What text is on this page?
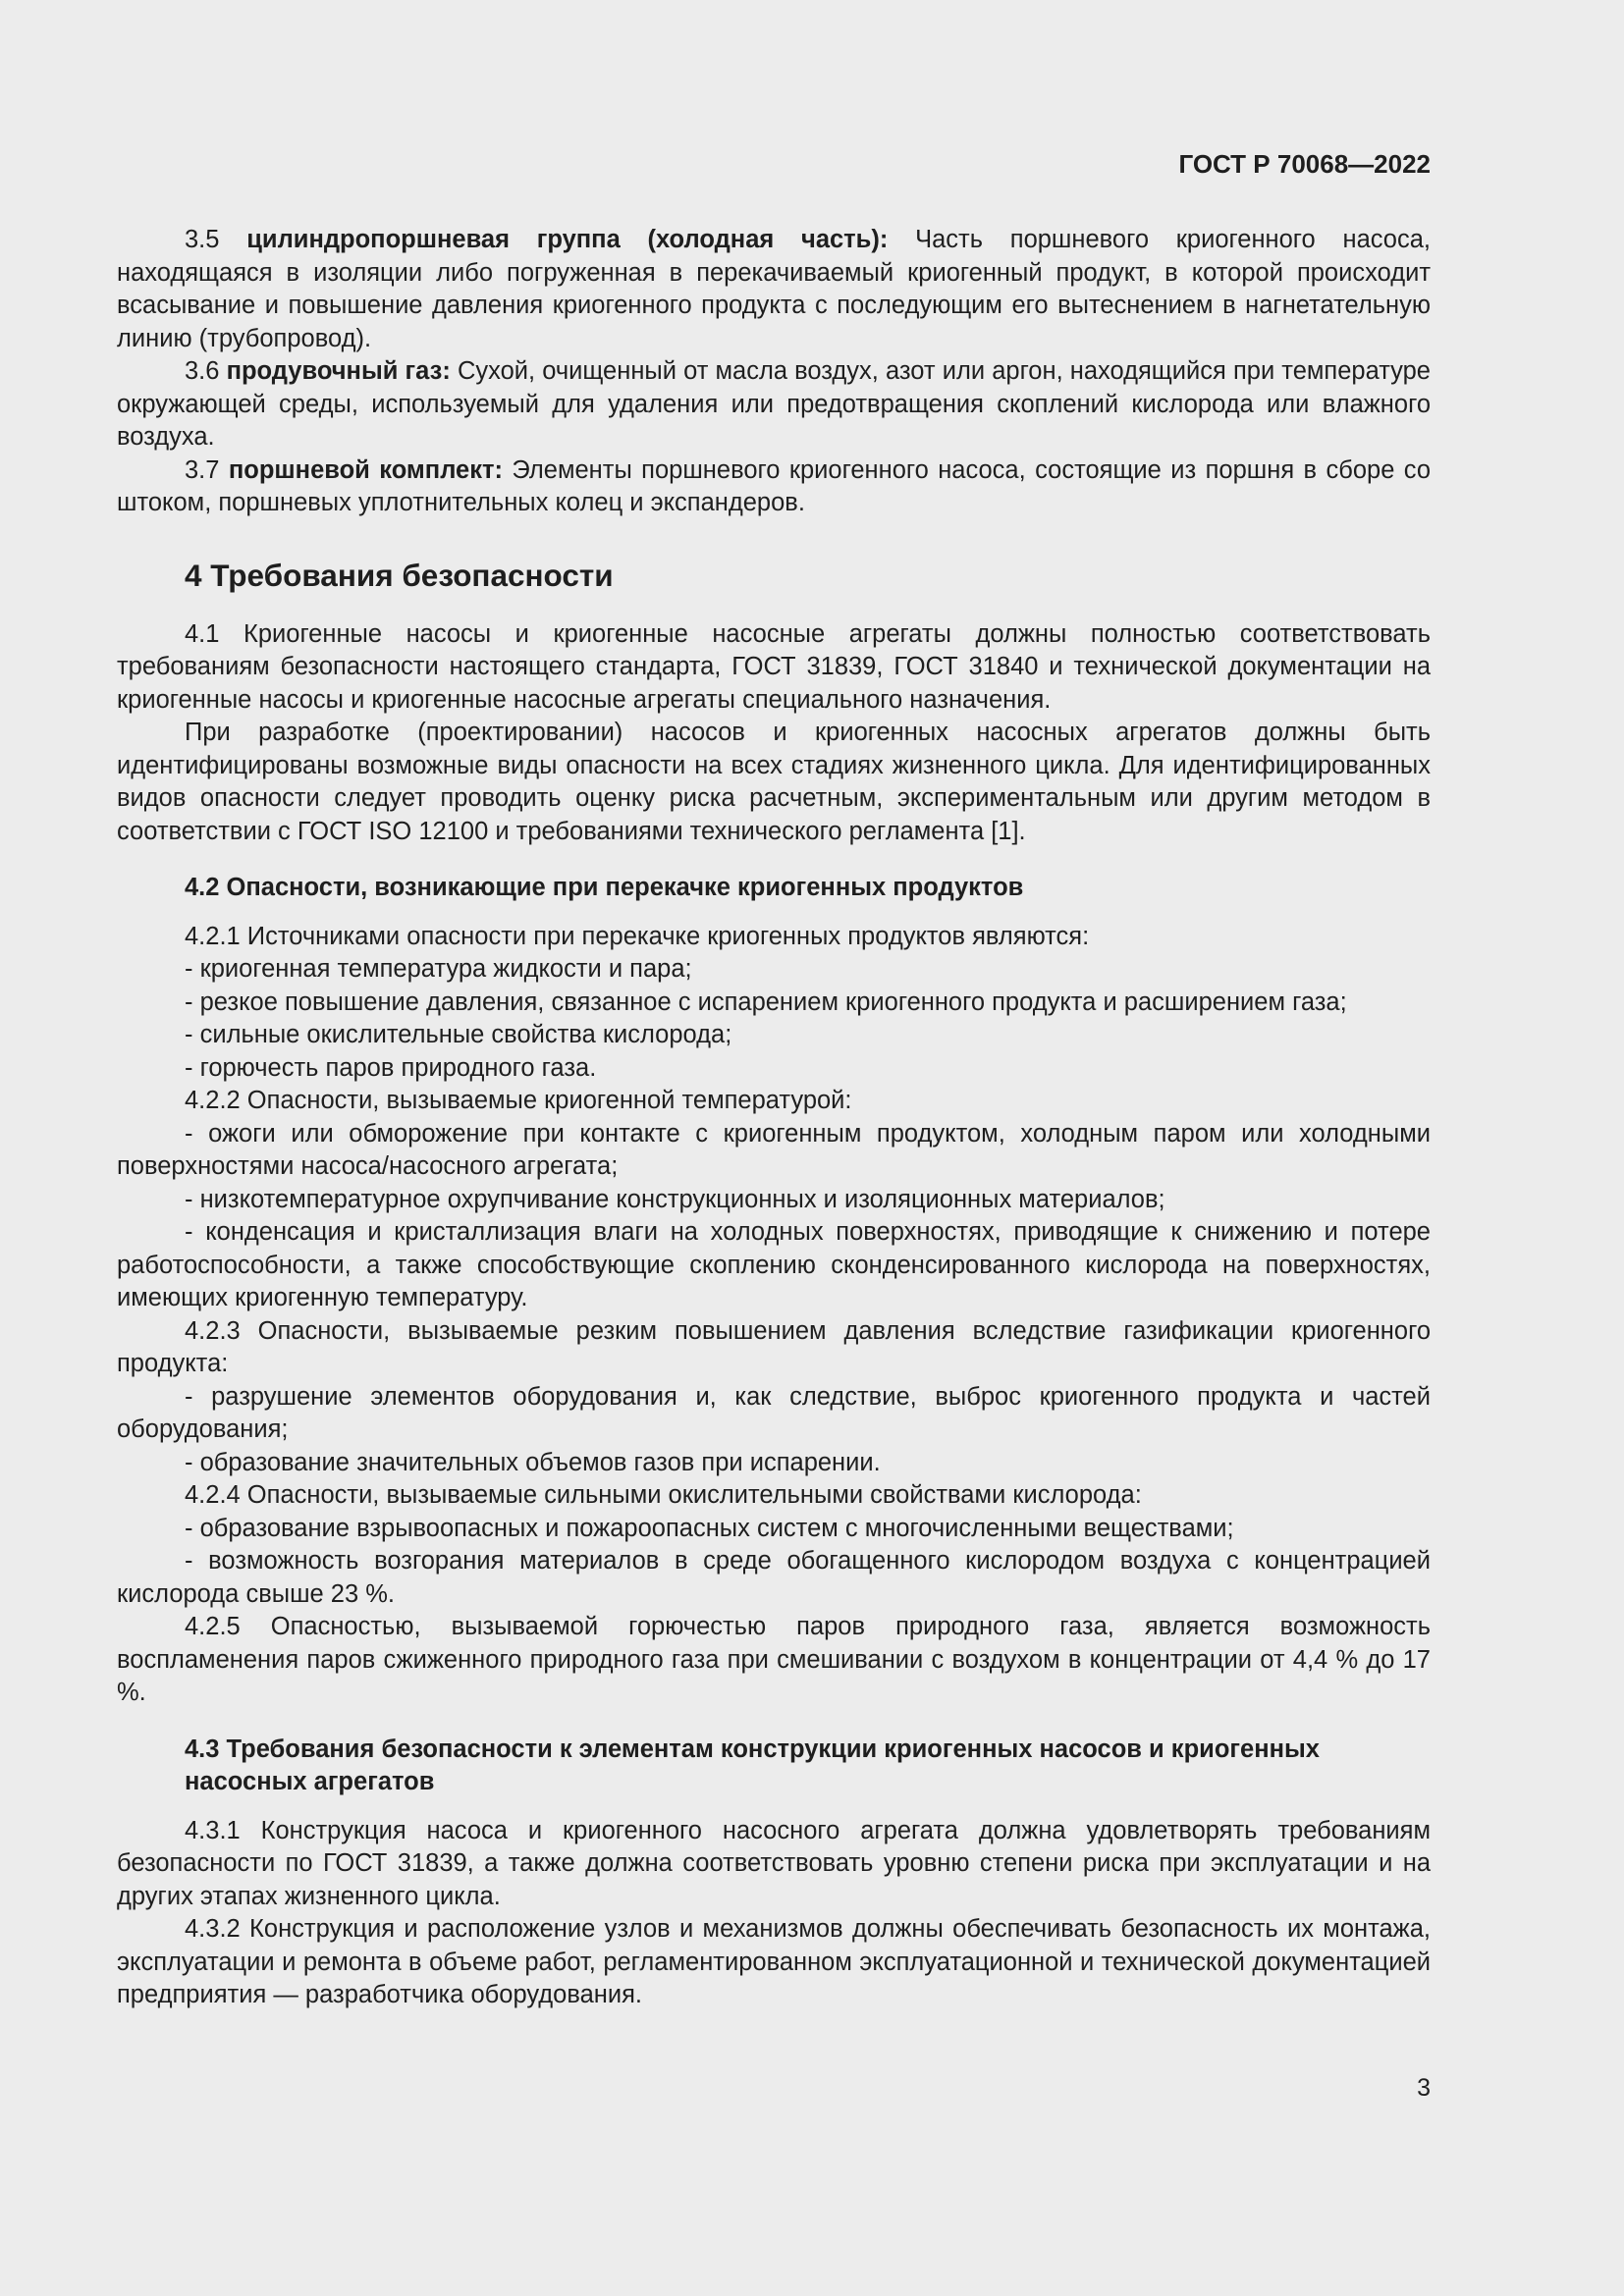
ГОСТ Р 70068—2022

3.5 цилиндропоршневая группа (холодная часть): Часть поршневого криогенного насоса, находящаяся в изоляции либо погруженная в перекачиваемый криогенный продукт, в которой происходит всасывание и повышение давления криогенного продукта с последующим его вытеснением в нагнетательную линию (трубопровод).

3.6 продувочный газ: Сухой, очищенный от масла воздух, азот или аргон, находящийся при температуре окружающей среды, используемый для удаления или предотвращения скоплений кислорода или влажного воздуха.

3.7 поршневой комплект: Элементы поршневого криогенного насоса, состоящие из поршня в сборе со штоком, поршневых уплотнительных колец и экспандеров.

4 Требования безопасности

4.1 Криогенные насосы и криогенные насосные агрегаты должны полностью соответствовать требованиям безопасности настоящего стандарта, ГОСТ 31839, ГОСТ 31840 и технической документации на криогенные насосы и криогенные насосные агрегаты специального назначения.

При разработке (проектировании) насосов и криогенных насосных агрегатов должны быть идентифицированы возможные виды опасности на всех стадиях жизненного цикла. Для идентифицированных видов опасности следует проводить оценку риска расчетным, экспериментальным или другим методом в соответствии с ГОСТ ISO 12100 и требованиями технического регламента [1].

4.2 Опасности, возникающие при перекачке криогенных продуктов

4.2.1 Источниками опасности при перекачке криогенных продуктов являются:

- криогенная температура жидкости и пара;

- резкое повышение давления, связанное с испарением криогенного продукта и расширением газа;

- сильные окислительные свойства кислорода;

- горючесть паров природного газа.

4.2.2 Опасности, вызываемые криогенной температурой:

- ожоги или обморожение при контакте с криогенным продуктом, холодным паром или холодными поверхностями насоса/насосного агрегата;

- низкотемпературное охрупчивание конструкционных и изоляционных материалов;

- конденсация и кристаллизация влаги на холодных поверхностях, приводящие к снижению и потере работоспособности, а также способствующие скоплению сконденсированного кислорода на поверхностях, имеющих криогенную температуру.

4.2.3 Опасности, вызываемые резким повышением давления вследствие газификации криогенного продукта:

- разрушение элементов оборудования и, как следствие, выброс криогенного продукта и частей оборудования;

- образование значительных объемов газов при испарении.

4.2.4 Опасности, вызываемые сильными окислительными свойствами кислорода:

- образование взрывоопасных и пожароопасных систем с многочисленными веществами;

- возможность возгорания материалов в среде обогащенного кислородом воздуха с концентрацией кислорода свыше 23 %.

4.2.5 Опасностью, вызываемой горючестью паров природного газа, является возможность воспламенения паров сжиженного природного газа при смешивании с воздухом в концентрации от 4,4 % до 17 %.

4.3 Требования безопасности к элементам конструкции криогенных насосов и криогенных насосных агрегатов

4.3.1 Конструкция насоса и криогенного насосного агрегата должна удовлетворять требованиям безопасности по ГОСТ 31839, а также должна соответствовать уровню степени риска при эксплуатации и на других этапах жизненного цикла.

4.3.2 Конструкция и расположение узлов и механизмов должны обеспечивать безопасность их монтажа, эксплуатации и ремонта в объеме работ, регламентированном эксплуатационной и технической документацией предприятия — разработчика оборудования.

3
